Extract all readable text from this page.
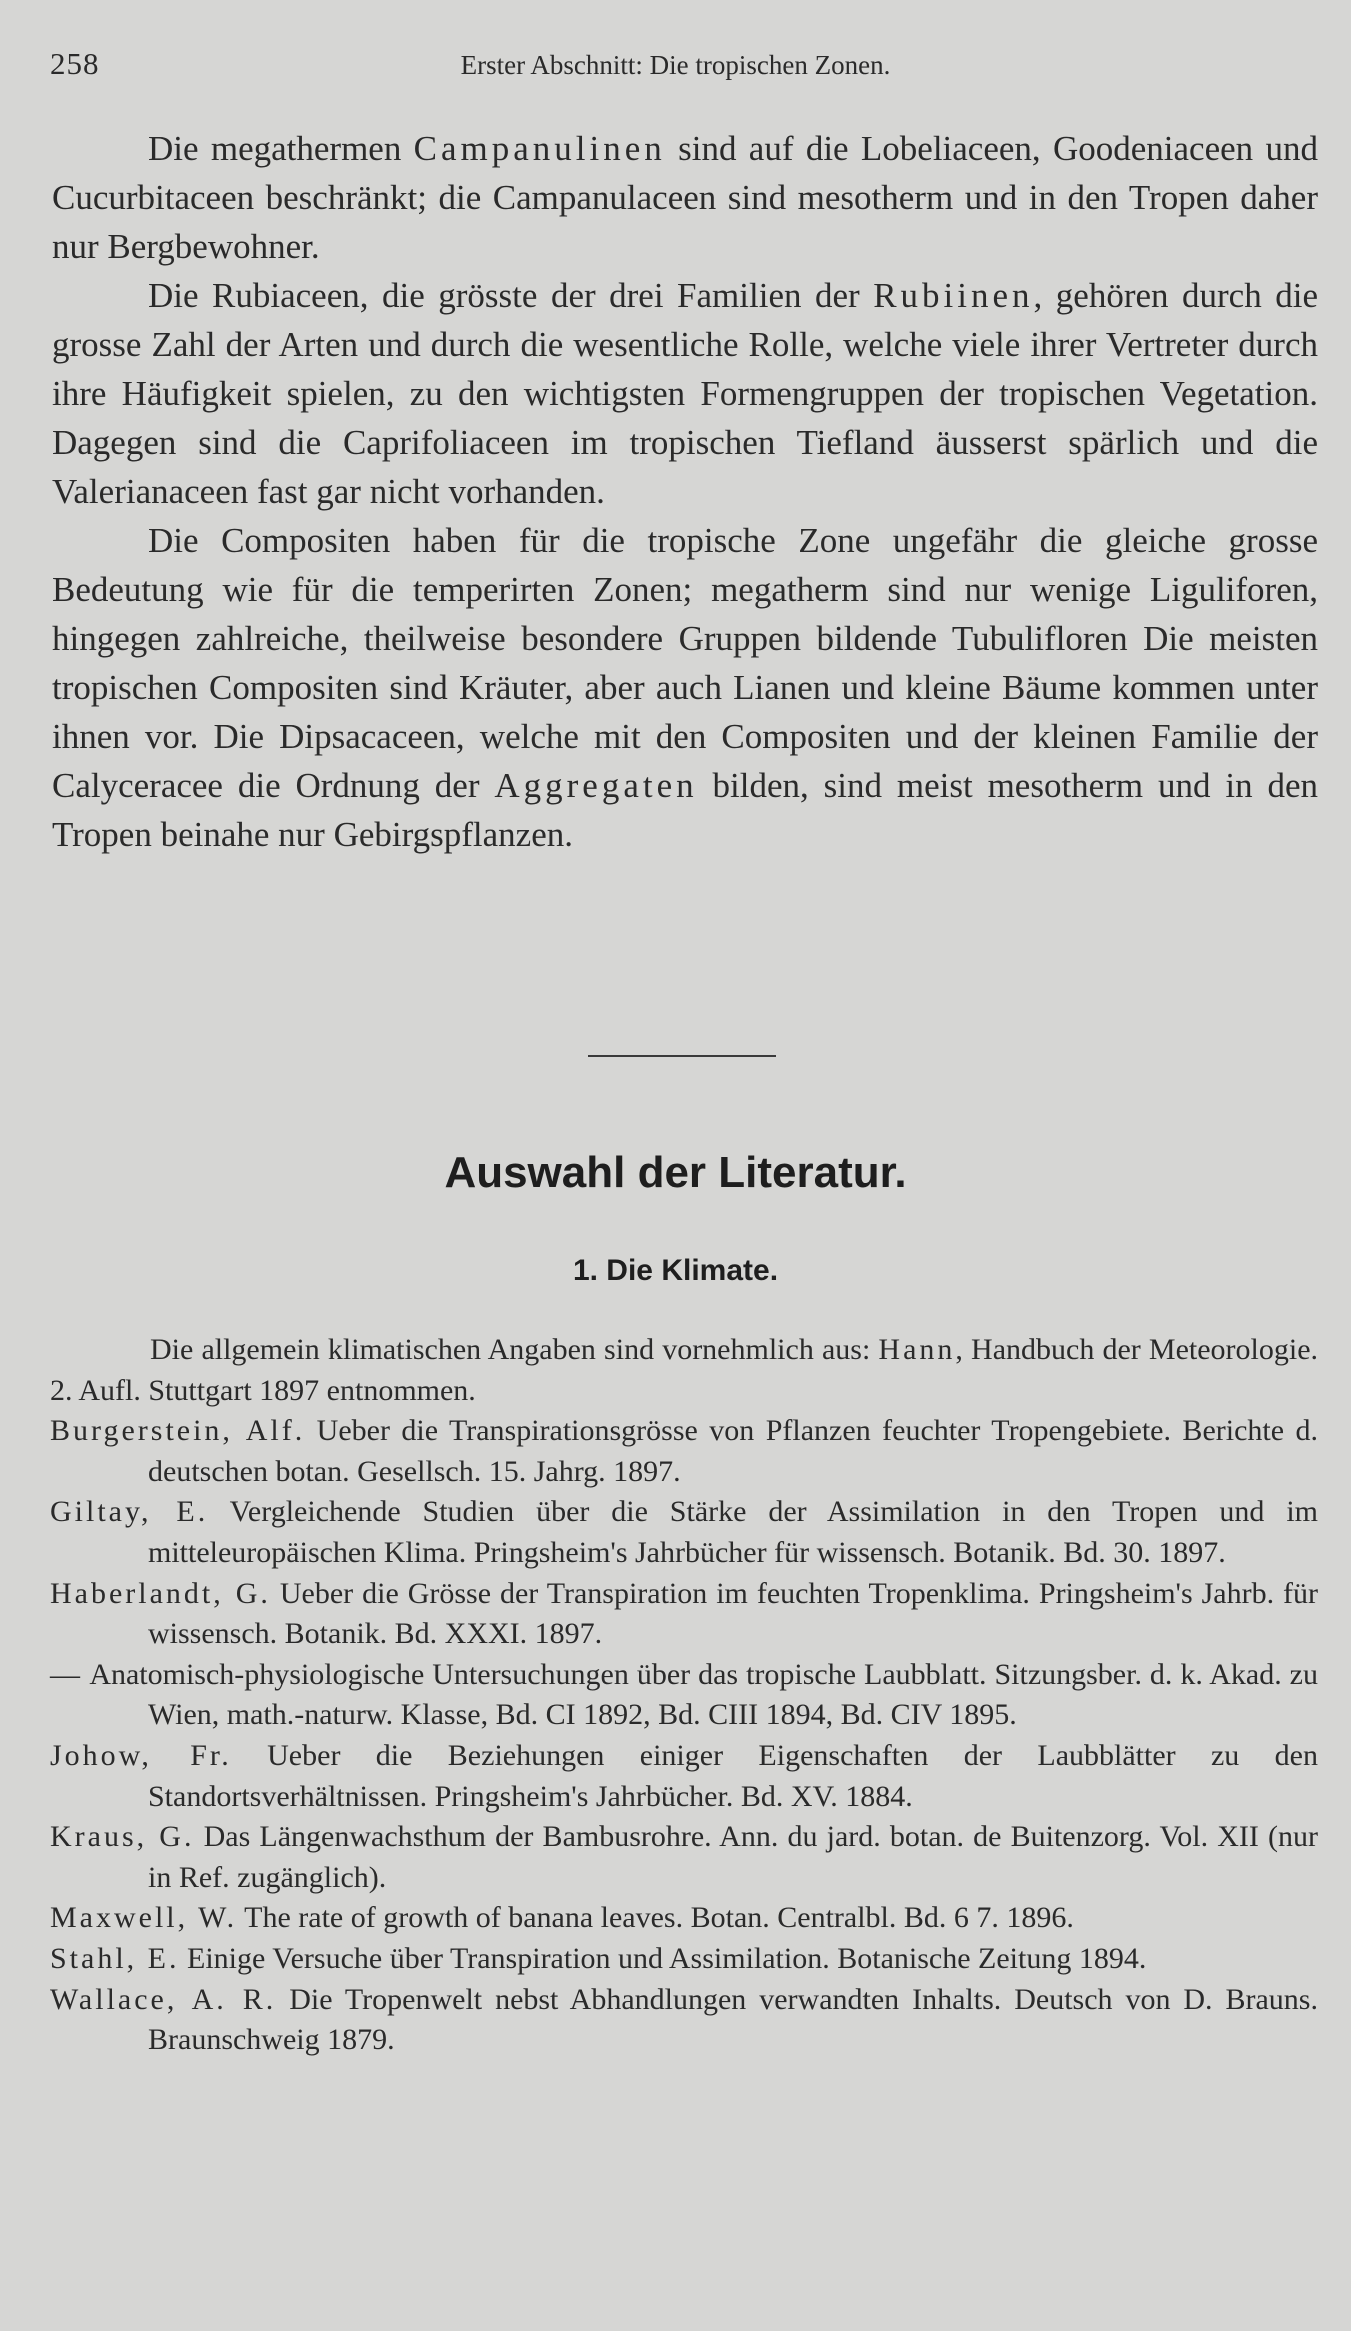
258	Erster Abschnitt: Die tropischen Zonen.

Die megathermen Campanulinen sind auf die Lobeliaceen, Goodeniaceen und Cucurbitaceen beschränkt; die Campanulaceen sind mesotherm und in den Tropen daher nur Bergbewohner.

Die Rubiaceen, die grösste der drei Familien der Rubiinen, gehören durch die grosse Zahl der Arten und durch die wesentliche Rolle, welche viele ihrer Vertreter durch ihre Häufigkeit spielen, zu den wichtigsten Formengruppen der tropischen Vegetation. Dagegen sind die Caprifoliaceen im tropischen Tiefland äusserst spärlich und die Valerianaceen fast gar nicht vorhanden.

Die Compositen haben für die tropische Zone ungefähr die gleiche grosse Bedeutung wie für die temperirten Zonen; megatherm sind nur wenige Liguliforen, hingegen zahlreiche, theilweise besondere Gruppen bildende Tubulifloren Die meisten tropischen Compositen sind Kräuter, aber auch Lianen und kleine Bäume kommen unter ihnen vor. Die Dipsacaceen, welche mit den Compositen und der kleinen Familie der Calyceracee die Ordnung der Aggregaten bilden, sind meist mesotherm und in den Tropen beinahe nur Gebirgspflanzen.

Auswahl der Literatur.
1. Die Klimate.

Die allgemein klimatischen Angaben sind vornehmlich aus: Hann, Handbuch der Meteorologie. 2. Aufl. Stuttgart 1897 entnommen.

Burgerstein, Alf. Ueber die Transpirationsgrösse von Pflanzen feuchter Tropengebiete. Berichte d. deutschen botan. Gesellsch. 15. Jahrg. 1897.

Giltay, E. Vergleichende Studien über die Stärke der Assimilation in den Tropen und im mitteleuropäischen Klima. Pringsheim's Jahrbücher für wissensch. Botanik. Bd. 30. 1897.

Haberlandt, G. Ueber die Grösse der Transpiration im feuchten Tropenklima. Pringsheim's Jahrb. für wissensch. Botanik. Bd. XXXI. 1897.

— Anatomisch-physiologische Untersuchungen über das tropische Laubblatt. Sitzungsber. d. k. Akad. zu Wien, math.-naturw. Klasse, Bd. CI 1892, Bd. CIII 1894, Bd. CIV 1895.

Johow, Fr. Ueber die Beziehungen einiger Eigenschaften der Laubblätter zu den Standortsverhältnissen. Pringsheim's Jahrbücher. Bd. XV. 1884.

Kraus, G. Das Längenwachsthum der Bambusrohre. Ann. du jard. botan. de Buitenzorg. Vol. XII (nur in Ref. zugänglich).

Maxwell, W. The rate of growth of banana leaves. Botan. Centralbl. Bd. 6 7. 1896.

Stahl, E. Einige Versuche über Transpiration und Assimilation. Botanische Zeitung 1894.

Wallace, A. R. Die Tropenwelt nebst Abhandlungen verwandten Inhalts. Deutsch von D. Brauns. Braunschweig 1879.
